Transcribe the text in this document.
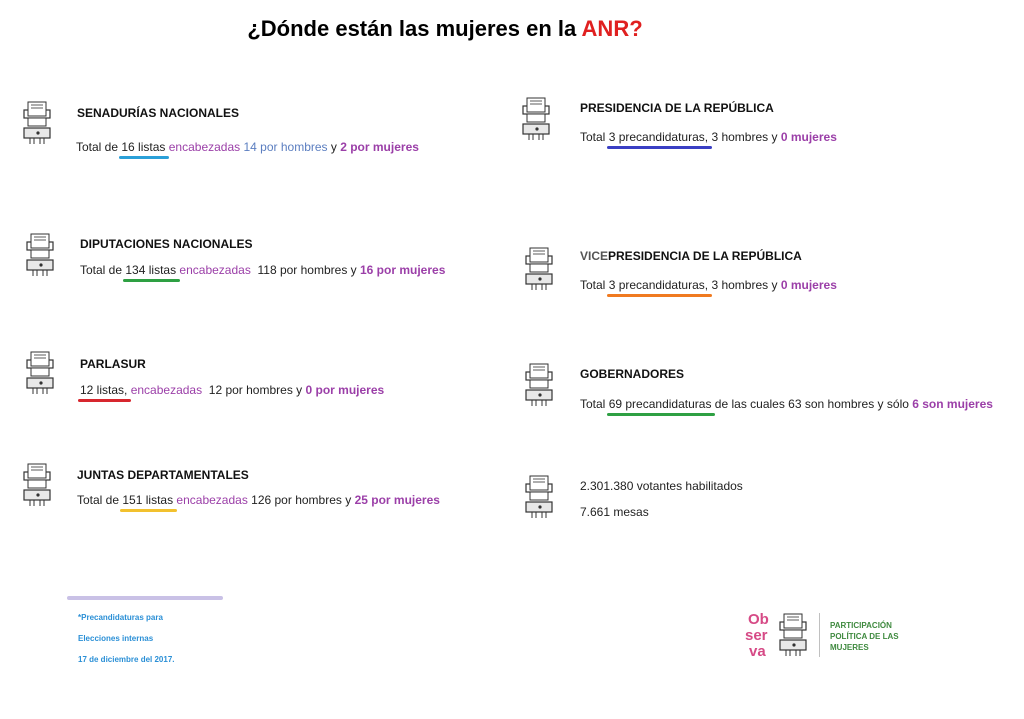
¿Dónde están las mujeres en la ANR?
SENADURÍAS NACIONALES
Total de 16 listas encabezadas 14 por hombres y 2 por mujeres
DIPUTACIONES NACIONALES
Total de 134 listas encabezadas 118 por hombres y 16 por mujeres
PARLASUR
12 listas, encabezadas 12 por hombres y 0 por mujeres
JUNTAS DEPARTAMENTALES
Total de 151 listas encabezadas 126 por hombres y 25 por mujeres
PRESIDENCIA DE LA REPÚBLICA
Total 3 precandidaturas, 3 hombres y 0 mujeres
VICEPRESIDENCIA DE LA REPÚBLICA
Total 3 precandidaturas, 3 hombres y 0 mujeres
GOBERNADORES
Total 69 precandidaturas de las cuales 63 son hombres y sólo 6 son mujeres
2.301.380 votantes habilitados
7.661 mesas
*Precandidaturas para
Elecciones internas
17 de diciembre del 2017.
Ob
ser
va
PARTICIPACIÓN
POLÍTICA DE LAS
MUJERES
